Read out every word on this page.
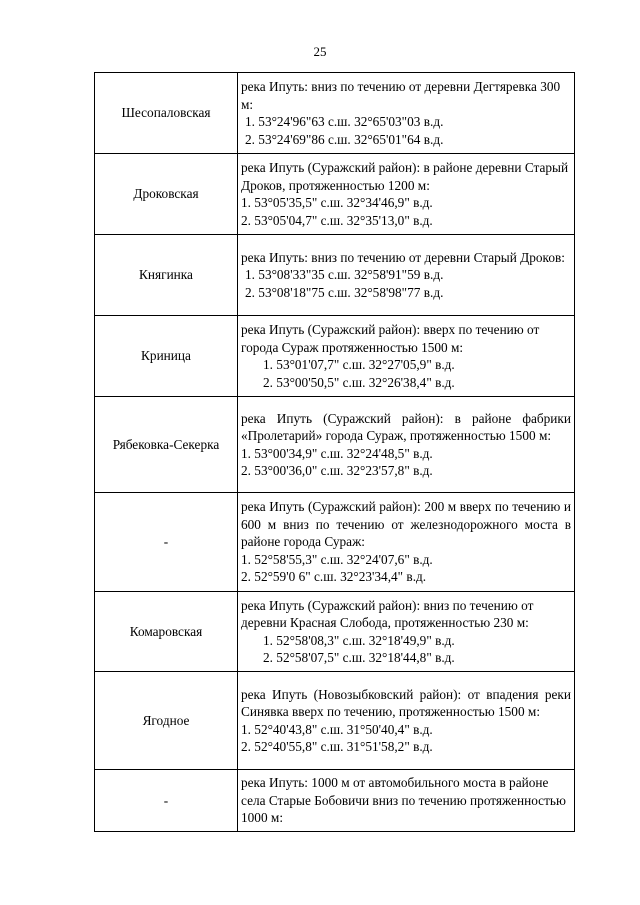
25
Шесопаловская	река Ипуть: вниз по течению от деревни Дегтяревка 300 м:
1. 53°24'96"63 с.ш. 32°65'03"03 в.д.
2. 53°24'69"86 с.ш. 32°65'01"64 в.д.

Дроковская	река Ипуть (Суражский район): в районе деревни Старый Дроков, протяженностью 1200 м:
1. 53°05'35,5" с.ш. 32°34'46,9" в.д.
2. 53°05'04,7" с.ш. 32°35'13,0" в.д.

Княгинка	река Ипуть: вниз по течению от деревни Старый Дроков:
1. 53°08'33"35 с.ш. 32°58'91"59 в.д.
2. 53°08'18"75 с.ш. 32°58'98"77 в.д.

Криница	река Ипуть (Суражский район): вверх по течению от города Сураж протяженностью 1500 м:
1. 53°01'07,7" с.ш. 32°27'05,9" в.д.
2. 53°00'50,5" с.ш. 32°26'38,4" в.д.

Рябековка-Секерка	река Ипуть (Суражский район): в районе фабрики «Пролетарий» города Сураж, протяженностью 1500 м:
1. 53°00'34,9" с.ш. 32°24'48,5" в.д.
2. 53°00'36,0" с.ш. 32°23'57,8" в.д.

-	река Ипуть (Суражский район): 200 м вверх по течению и 600 м вниз по течению от железнодорожного моста в районе города Сураж:
1. 52°58'55,3" с.ш. 32°24'07,6" в.д.
2. 52°59'0 6" с.ш. 32°23'34,4" в.д.

Комаровская	река Ипуть (Суражский район): вниз по течению от деревни Красная Слобода, протяженностью 230 м:
1. 52°58'08,3" с.ш. 32°18'49,9" в.д.
2. 52°58'07,5" с.ш. 32°18'44,8" в.д.

Ягодное	река Ипуть (Новозыбковский район): от впадения реки Синявка вверх по течению, протяженностью 1500 м:
1. 52°40'43,8" с.ш. 31°50'40,4" в.д.
2. 52°40'55,8" с.ш. 31°51'58,2" в.д.

-	река Ипуть: 1000 м от автомобильного моста в районе села Старые Бобовичи вниз по течению протяженностью 1000 м:
